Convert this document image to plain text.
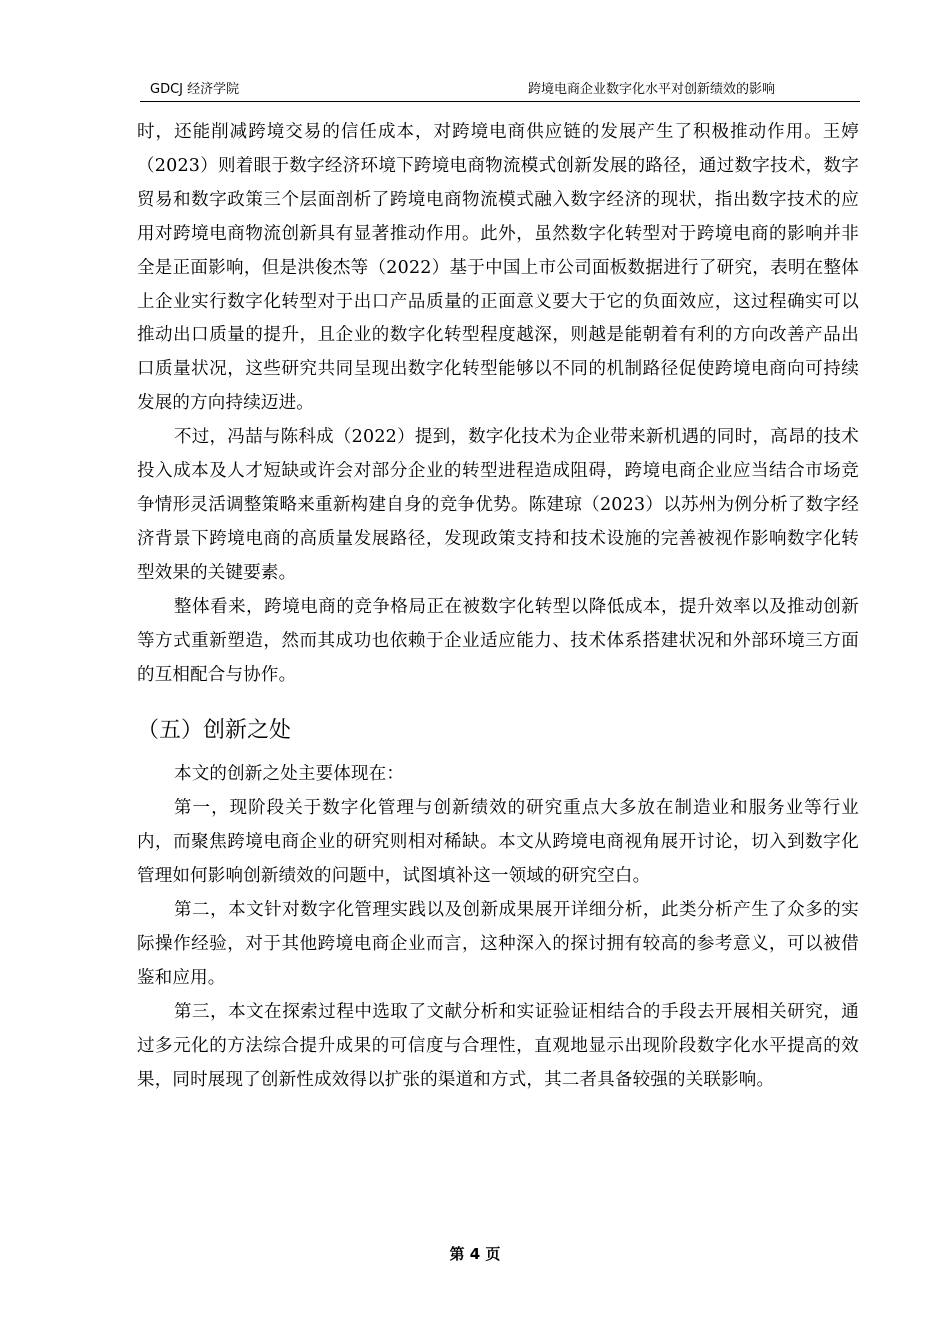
GDCJ 经济学院	跨境电商企业数字化水平对创新绩效的影响

时，还能削减跨境交易的信任成本，对跨境电商供应链的发展产生了积极推动作用。王婷（2023）则着眼于数字经济环境下跨境电商物流模式创新发展的路径，通过数字技术，数字贸易和数字政策三个层面剖析了跨境电商物流模式融入数字经济的现状，指出数字技术的应用对跨境电商物流创新具有显著推动作用。此外，虽然数字化转型对于跨境电商的影响并非全是正面影响，但是洪俊杰等（2022）基于中国上市公司面板数据进行了研究，表明在整体上企业实行数字化转型对于出口产品质量的正面意义要大于它的负面效应，这过程确实可以推动出口质量的提升，且企业的数字化转型程度越深，则越是能朝着有利的方向改善产品出口质量状况，这些研究共同呈现出数字化转型能够以不同的机制路径促使跨境电商向可持续发展的方向持续迈进。

不过，冯喆与陈科成（2022）提到，数字化技术为企业带来新机遇的同时，高昂的技术投入成本及人才短缺或许会对部分企业的转型进程造成阻碍，跨境电商企业应当结合市场竞争情形灵活调整策略来重新构建自身的竞争优势。陈建琼（2023）以苏州为例分析了数字经济背景下跨境电商的高质量发展路径，发现政策支持和技术设施的完善被视作影响数字化转型效果的关键要素。

整体看来，跨境电商的竞争格局正在被数字化转型以降低成本，提升效率以及推动创新等方式重新塑造，然而其成功也依赖于企业适应能力、技术体系搭建状况和外部环境三方面的互相配合与协作。

（五）创新之处

本文的创新之处主要体现在：

第一，现阶段关于数字化管理与创新绩效的研究重点大多放在制造业和服务业等行业内，而聚焦跨境电商企业的研究则相对稀缺。本文从跨境电商视角展开讨论，切入到数字化管理如何影响创新绩效的问题中，试图填补这一领域的研究空白。

第二，本文针对数字化管理实践以及创新成果展开详细分析，此类分析产生了众多的实际操作经验，对于其他跨境电商企业而言，这种深入的探讨拥有较高的参考意义，可以被借鉴和应用。

第三，本文在探索过程中选取了文献分析和实证验证相结合的手段去开展相关研究，通过多元化的方法综合提升成果的可信度与合理性，直观地显示出现阶段数字化水平提高的效果，同时展现了创新性成效得以扩张的渠道和方式，其二者具备较强的关联影响。

第 4 页
